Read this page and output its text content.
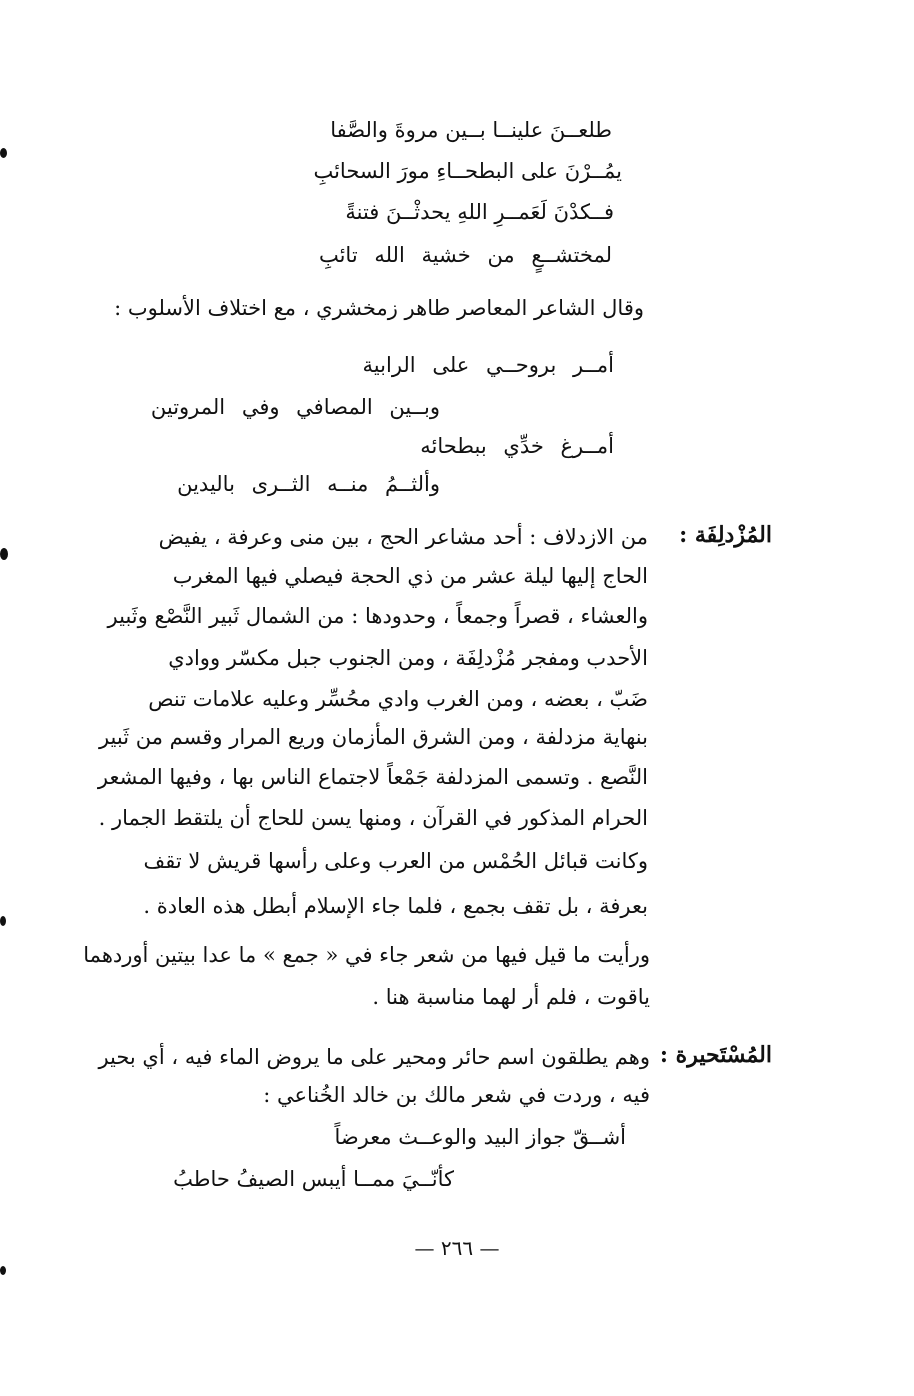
طلعــنَ علينــا بــين مروةَ والصَّفا
يمُــرْنَ على البطحــاءِ مورَ السحائبِ
فــكدْنَ لَعَمــرِ اللهِ يحدثْــنَ فتنةً
لمختشــعٍ من خشية الله تائبِ
وقال الشاعر المعاصر طاهر زمخشري ، مع اختلاف الأسلوب :
أمــر بروحــي على الرابية
وبــين المصافي وفي المروتين
أمــرغ خدِّي ببطحائه
وألثــمُ منــه الثــرى باليدين
المُزْدلِفَة :
من الازدلاف : أحد مشاعر الحج ، بين منى وعرفة ، يفيض
الحاج إليها ليلة عشر من ذي الحجة فيصلي فيها المغرب
والعشاء ، قصراً وجمعاً ، وحدودها : من الشمال ثَبير النَّصْع وثَبير
الأحدب ومفجر مُزْدلِفَة ، ومن الجنوب جبل مكسّر ووادي
ضَبّ ، بعضه ، ومن الغرب وادي محُسِّر وعليه علامات تنص
بنهاية مزدلفة ، ومن الشرق المأزمان وريع المرار وقسم من ثَبير
النَّصع . وتسمى المزدلفة جَمْعاً لاجتماع الناس بها ، وفيها المشعر
الحرام المذكور في القرآن ، ومنها يسن للحاج أن يلتقط الجمار .
وكانت قبائل الحُمْس من العرب وعلى رأسها قريش لا تقف
بعرفة ، بل تقف بجمع ، فلما جاء الإسلام أبطل هذه العادة .
ورأيت ما قيل فيها من شعر جاء في « جمع » ما عدا بيتين أوردهما
ياقوت ، فلم أر لهما مناسبة هنا .
المُسْتَحيرة :
وهم يطلقون اسم حائر ومحير على ما يروض الماء فيه ، أي بحير
فيه ، وردت في شعر مالك بن خالد الخُناعي :
أشــقّ جواز البيد والوعــث معرضاً
كأنّــيَ ممــا أيبس الصيفُ حاطبُ
— ٢٦٦ —
